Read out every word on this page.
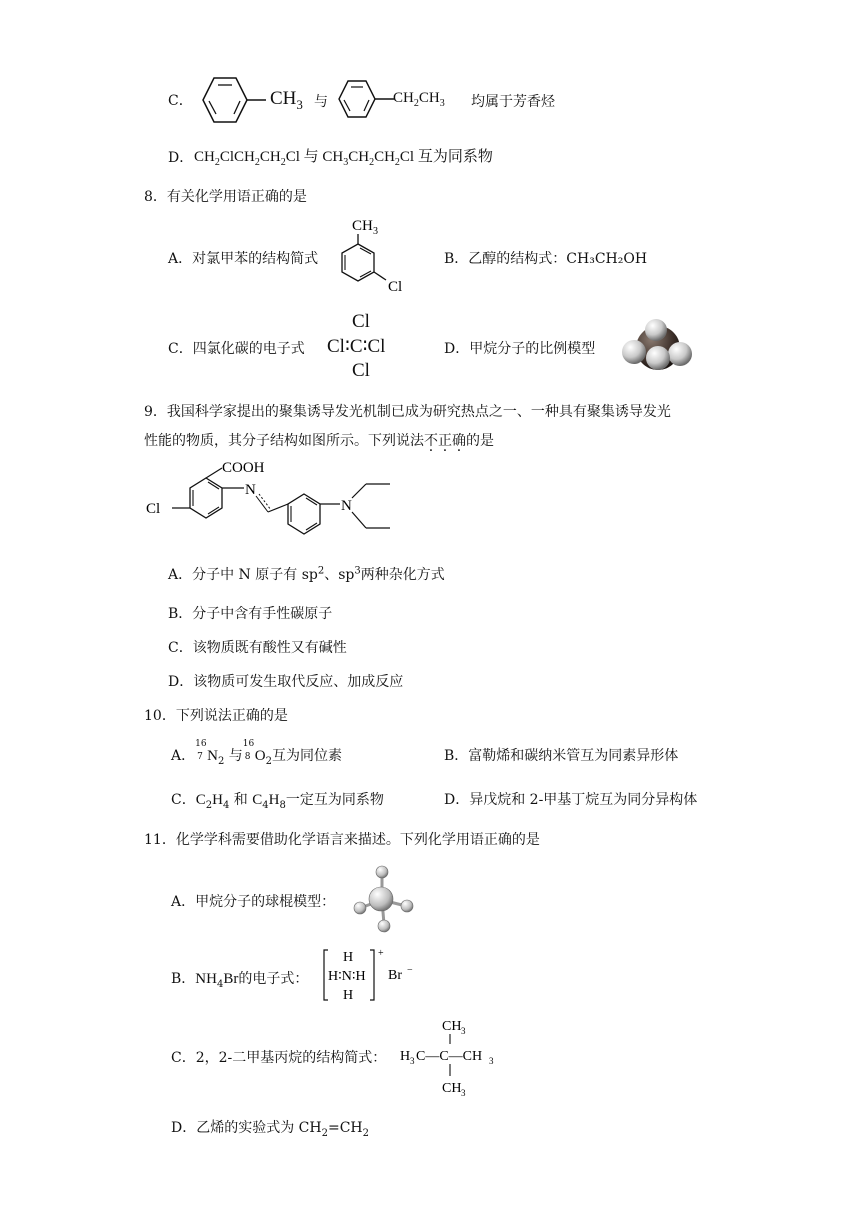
C．	$CH_3$ 与	$CH_2CH_3$ 均属于芳香烃
D． $CH_2ClCH_2CH_2Cl$ 与 $CH_3CH_2CH_2Cl$ 互为同系物
8．有关化学用语正确的是
A．对氯甲苯的结构简式
CH 3
Cl
B．乙醇的结构式：CH₃CH₂OH
C．四氯化碳的电子式
Cl
Cl∶C∶Cl
Cl
D．甲烷分子的比例模型
9．我国科学家提出的聚集诱导发光机制已成为研究热点之一、一种具有聚集诱导发光
性能的物质，其分子结构如图所示。下列说法不正确的是
COOH
Cl
N
N
A．分子中 N 原子有 $sp^2$、$sp^3$两种杂化方式
B．分子中含有手性碳原子
C．该物质既有酸性又有碱性
D．该物质可发生取代反应、加成反应
10．下列说法正确的是
A．
16
7 $N_2$ 与
16
8 $O_2$互为同位素	B．富勒烯和碳纳米管互为同素异形体
C．$C_2H_4$ 和 $C_4H_8$一定互为同系物	D．异戊烷和 2-甲基丁烷互为同分异构体
11．化学学科需要借助化学语言来描述。下列化学用语正确的是
A．甲烷分子的球棍模型：
B．$NH_4Br$的电子式：
H
H∶N∶H
H
+
Br −
C．2，2-二甲基丙烷的结构简式：
CH 3
H 3 C—C—CH 3
CH 3
D．乙烯的实验式为 $CH_2=CH_2$
